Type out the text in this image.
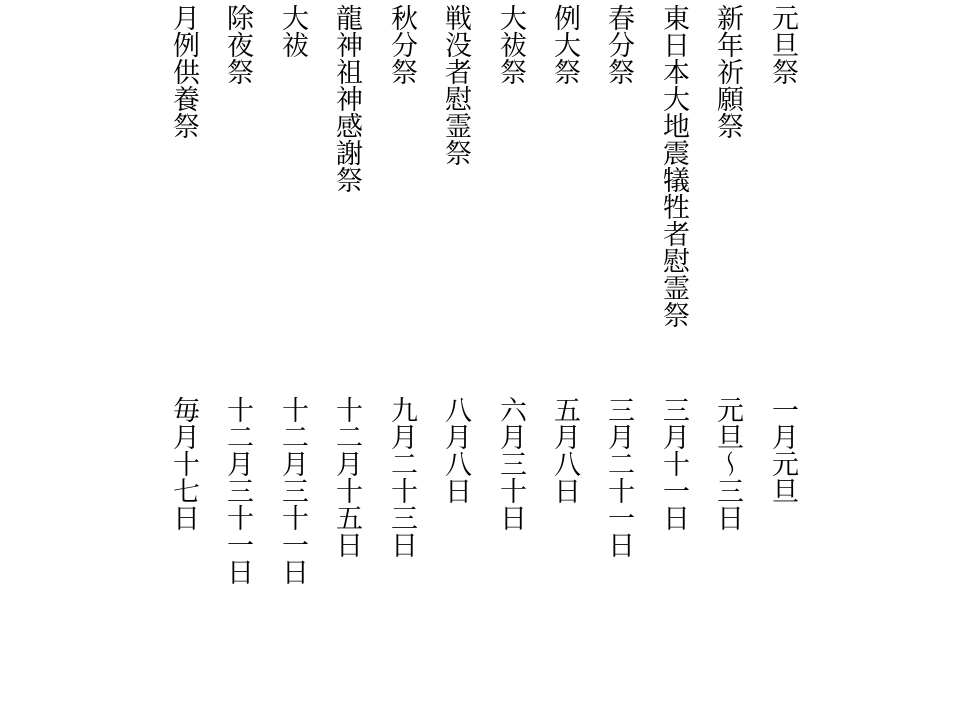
元旦祭
一月元旦
新年祈願祭
元旦〜三日
東日本大地震犠牲者慰霊祭
三月十一日
春分祭
三月二十一日
例大祭
五月八日
大祓祭
六月三十日
戦没者慰霊祭
八月八日
秋分祭
九月二十三日
龍神祖神感謝祭
十二月十五日
大祓
十二月三十一日
除夜祭
十二月三十一日
月例供養祭
毎月十七日
